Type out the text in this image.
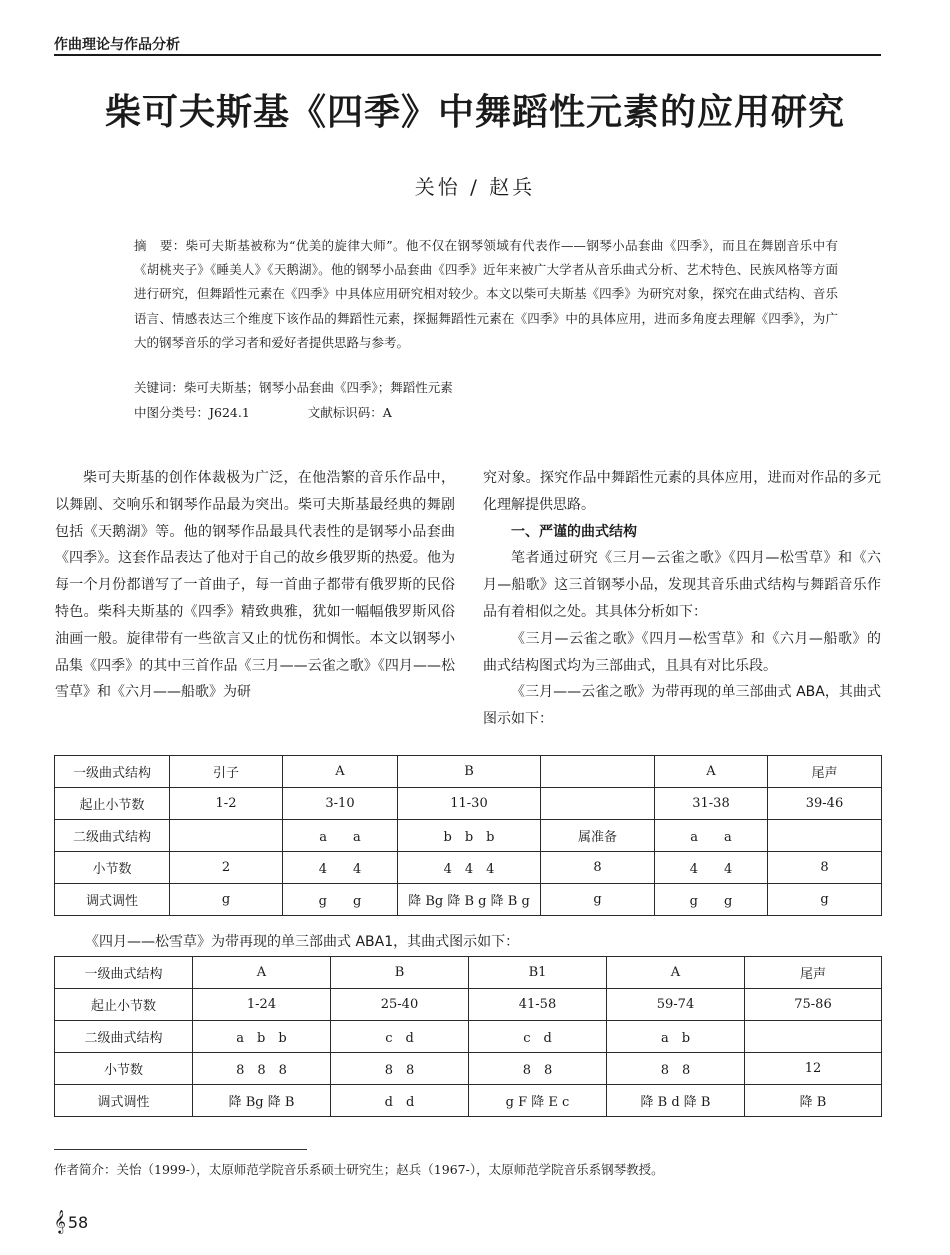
作曲理论与作品分析
柴可夫斯基《四季》中舞蹈性元素的应用研究
关怡 / 赵兵
摘　要：柴可夫斯基被称为“优美的旋律大师”。他不仅在钢琴领域有代表作——钢琴小品套曲《四季》，而且在舞剧音乐中有《胡桃夹子》《睡美人》《天鹅湖》。他的钢琴小品套曲《四季》近年来被广大学者从音乐曲式分析、艺术特色、民族风格等方面进行研究，但舞蹈性元素在《四季》中具体应用研究相对较少。本文以柴可夫斯基《四季》为研究对象，探究在曲式结构、音乐语言、情感表达三个维度下该作品的舞蹈性元素，探掘舞蹈性元素在《四季》中的具体应用，进而多角度去理解《四季》，为广大的钢琴音乐的学习者和爱好者提供思路与参考。
关键词：柴可夫斯基；钢琴小品套曲《四季》；舞蹈性元素
中图分类号：J624.1	文献标识码：A

柴可夫斯基的创作体裁极为广泛，在他浩繁的音乐作品中，以舞剧、交响乐和钢琴作品最为突出。柴可夫斯基最经典的舞剧包括《天鹅湖》等。他的钢琴作品最具代表性的是钢琴小品套曲《四季》。这套作品表达了他对于自己的故乡俄罗斯的热爱。他为每一个月份都谱写了一首曲子，每一首曲子都带有俄罗斯的民俗特色。柴科夫斯基的《四季》精致典雅，犹如一幅幅俄罗斯风俗油画一般。旋律带有一些欲言又止的忧伤和惆怅。本文以钢琴小品集《四季》的其中三首作品《三月——云雀之歌》《四月——松雪草》和《六月——船歌》为研

究对象。探究作品中舞蹈性元素的具体应用，进而对作品的多元化理解提供思路。

一、严谨的曲式结构

笔者通过研究《三月—云雀之歌》《四月—松雪草》和《六月—船歌》这三首钢琴小品，发现其音乐曲式结构与舞蹈音乐作品有着相似之处。其具体分析如下：

《三月—云雀之歌》《四月—松雪草》和《六月—船歌》的曲式结构图式均为三部曲式，且具有对比乐段。

《三月——云雀之歌》为带再现的单三部曲式 ABA，其曲式图示如下：

一级曲式结构	引子	A	B		A	尾声
起止小节数	1-2	3-10	11-30		31-38	39-46
二级曲式结构		a　　a	b　b　b	属准备	a　　a	
小节数	2	4　　4	4　4　4	8	4　　4	8
调式调性	g	g　　g	降 Bg 降 B g 降 B g	g	g　　g	g
《四月——松雪草》为带再现的单三部曲式 ABA1，其曲式图示如下：
一级曲式结构	A	B	B1	A	尾声
起止小节数	1-24	25-40	41-58	59-74	75-86
二级曲式结构	a　b　b	c　d	c　d	a　b	
小节数	8　8　8	8　8	8　8	8　8	12
调式调性	降 Bg 降 B	d　d	g F 降 E c	降 B d 降 B	降 B
作者简介：关怡（1999-），太原师范学院音乐系硕士研究生；赵兵（1967-），太原师范学院音乐系钢琴教授。
𝄞 58
